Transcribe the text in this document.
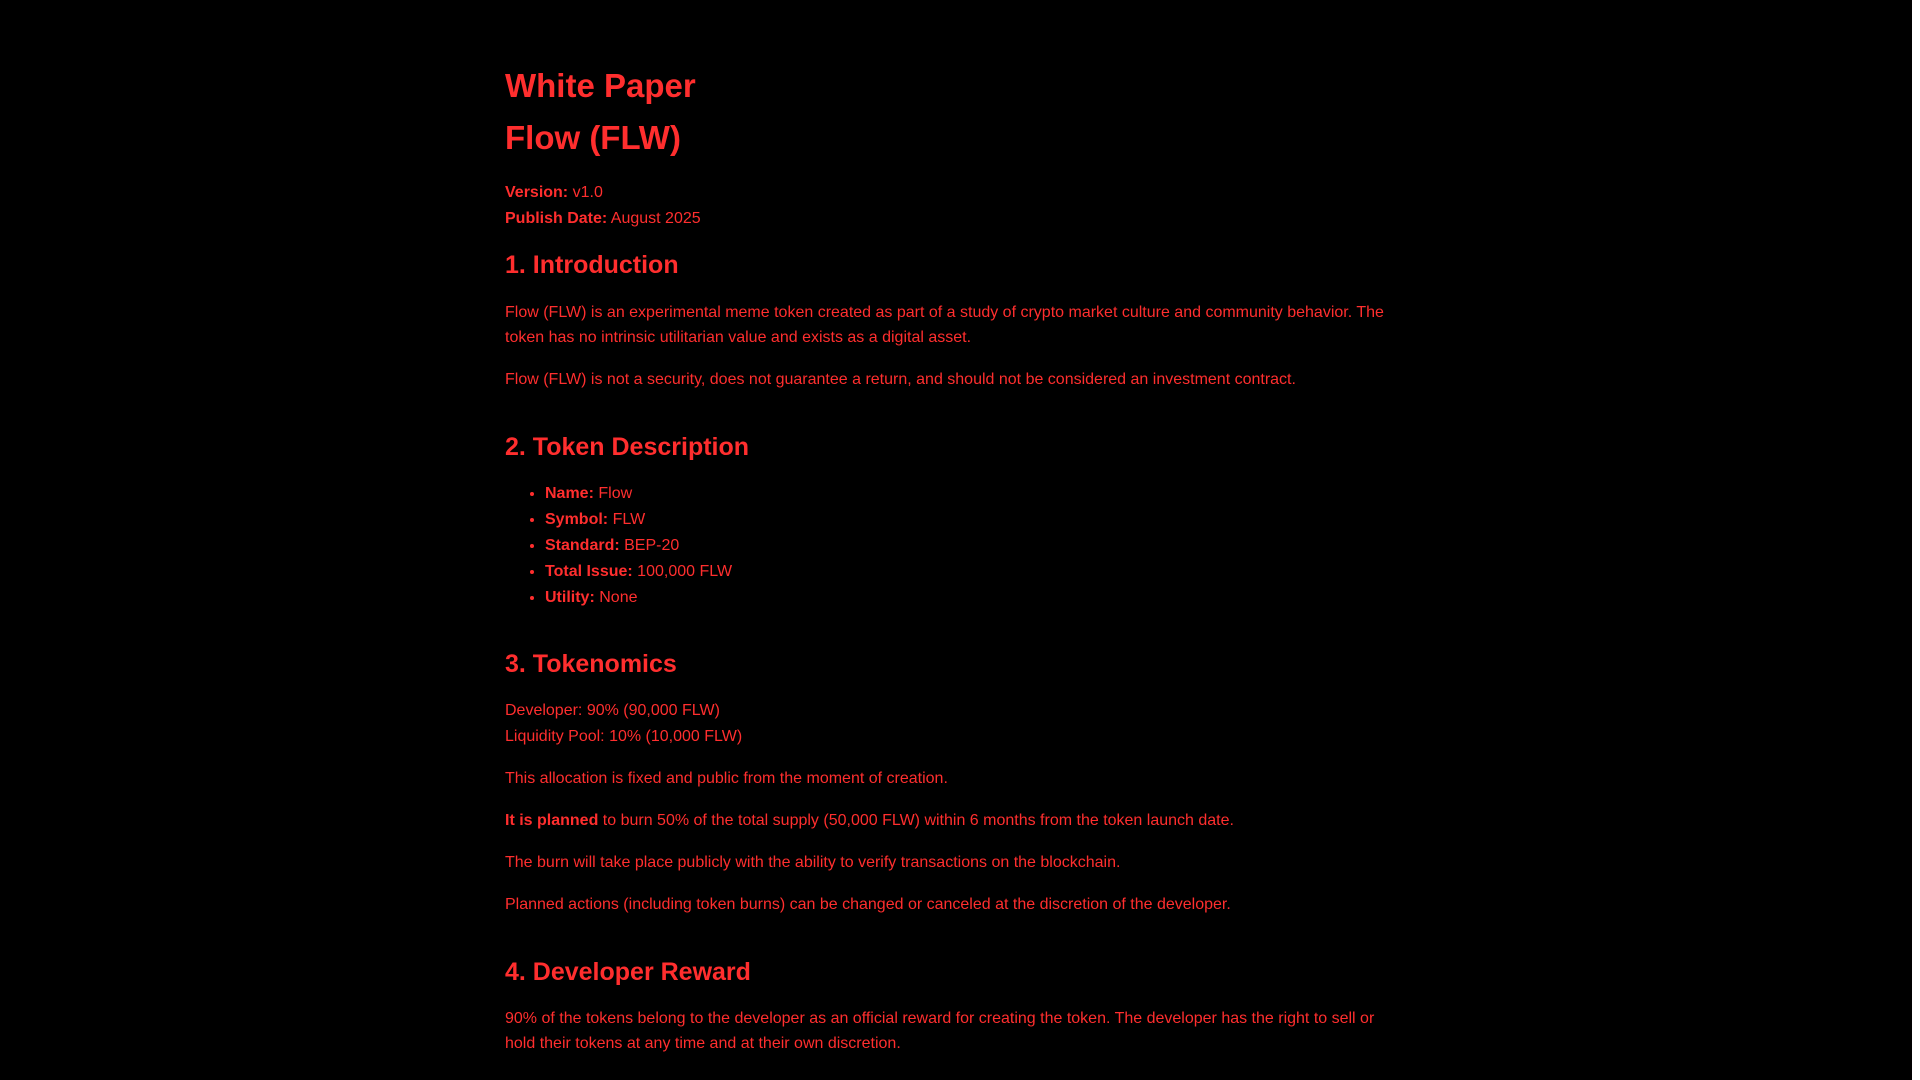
White Paper
Flow (FLW)
Version: v1.0
Publish Date: August 2025
1. Introduction

Flow (FLW) is an experimental meme token created as part of a study of crypto market culture and community behavior. The token has no intrinsic utilitarian value and exists as a digital asset.

Flow (FLW) is not a security, does not guarantee a return, and should not be considered an investment contract.

2. Token Description
• Name: Flow
• Symbol: FLW
• Standard: BEP-20
• Total Issue: 100,000 FLW
• Utility: None
3. Tokenomics
Developer: 90% (90,000 FLW)
Liquidity Pool: 10% (10,000 FLW)

This allocation is fixed and public from the moment of creation.

It is planned to burn 50% of the total supply (50,000 FLW) within 6 months from the token launch date.

The burn will take place publicly with the ability to verify transactions on the blockchain.

Planned actions (including token burns) can be changed or canceled at the discretion of the developer.

4. Developer Reward

90% of the tokens belong to the developer as an official reward for creating the token. The developer has the right to sell or hold their tokens at any time and at their own discretion.
